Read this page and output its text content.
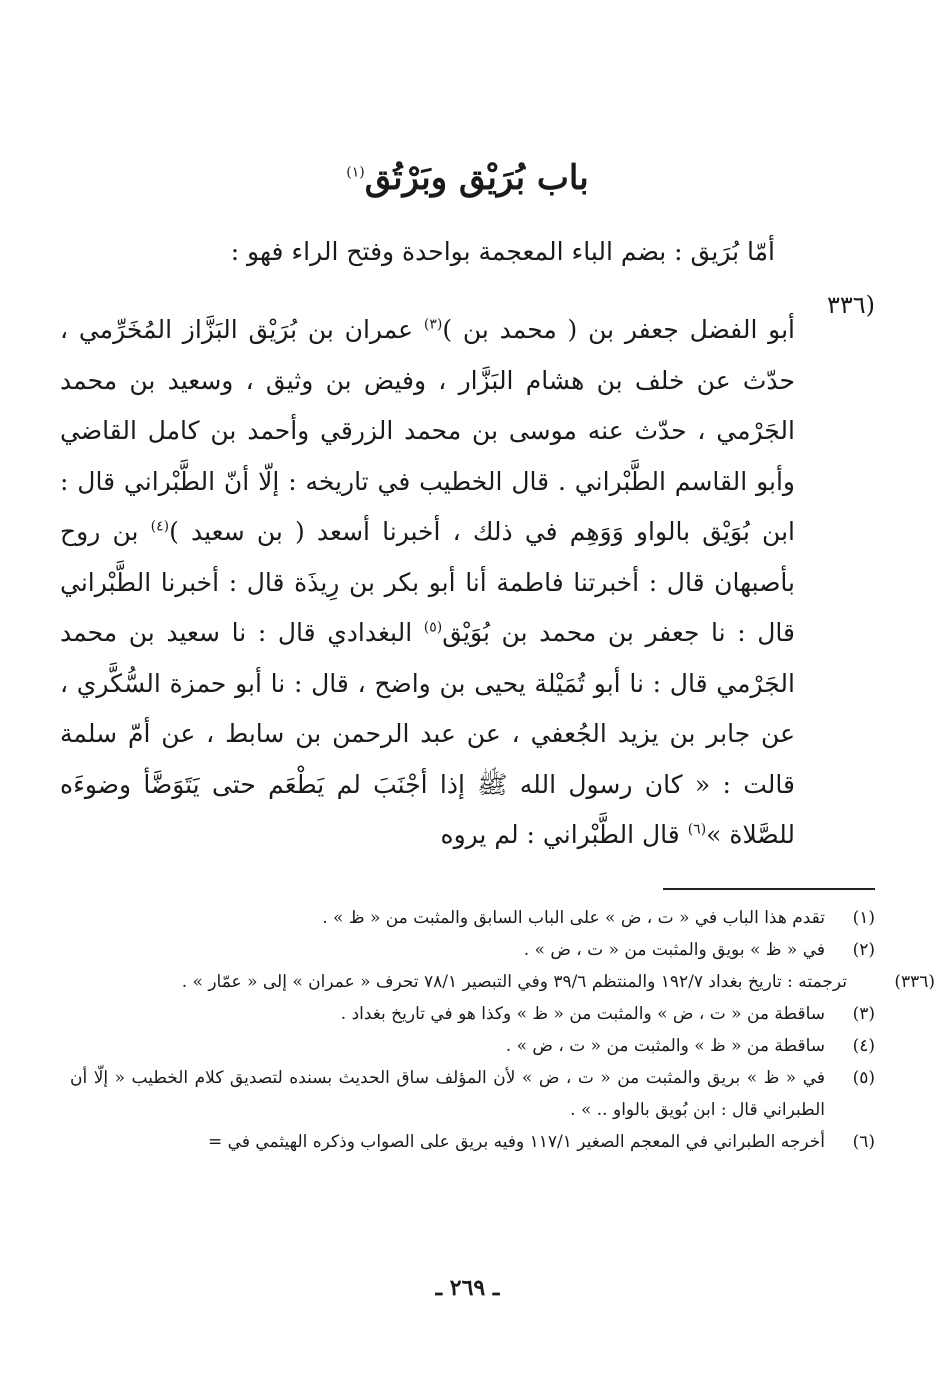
باب بُرَيْق وبَرْتُق$^{(١)}$

أمّا بُرَيق : بضم الباء المعجمة بواحدة وفتح الراء فهو :

(٣٣٦

أبو الفضل جعفر بن ( محمد بن )$^{(٣)}$ عمران بن بُرَيْق البَزَّاز المُخَرِّمي ، حدّث عن خلف بن هشام البَزَّار ، وفيض بن وثيق ، وسعيد بن محمد الجَرْمي ، حدّث عنه موسى بن محمد الزرقي وأحمد بن كامل القاضي وأبو القاسم الطَّبْراني . قال الخطيب في تاريخه : إلّا أنّ الطَّبْراني قال : ابن بُوَيْق بالواو وَوَهِم في ذلك ، أخبرنا أسعد ( بن سعيد )$^{(٤)}$ بن روح بأصبهان قال : أخبرتنا فاطمة أنا أبو بكر بن رِيذَة قال : أخبرنا الطَّبْراني قال : نا جعفر بن محمد بن بُوَيْق$^{(٥)}$ البغدادي قال : نا سعيد بن محمد الجَرْمي قال : نا أبو تُمَيْلة يحيى بن واضح ، قال : نا أبو حمزة السُّكَّري ، عن جابر بن يزيد الجُعفي ، عن عبد الرحمن بن سابط ، عن أمّ سلمة قالت : « كان رسول الله ﷺ إذا أجْنَبَ لم يَطْعَم حتى يَتَوَضَّأ وضوءَه للصَّلاة »$^{(٦)}$ قال الطَّبْراني : لم يروه

(١)
تقدم هذا الباب في « ت ، ض » على الباب السابق والمثبت من « ظ » .
(٢)
في « ظ » بويق والمثبت من « ت ، ض » .
(٣٣٦)
ترجمته : تاريخ بغداد ١٩٢/٧ والمنتظم ٣٩/٦ وفي التبصير ٧٨/١ تحرف « عمران » إلى « عمّار » .
(٣)
ساقطة من « ت ، ض » والمثبت من « ظ » وكذا هو في تاريخ بغداد .
(٤)
ساقطة من « ظ » والمثبت من « ت ، ض » .
(٥)
في « ظ » بريق والمثبت من « ت ، ض » لأن المؤلف ساق الحديث بسنده لتصديق كلام الخطيب « إلّا أن الطبراني قال : ابن بُويق بالواو .. » .
(٦)
أخرجه الطبراني في المعجم الصغير ١١٧/١ وفيه بريق على الصواب وذكره الهيثمي في =
ـ ٢٦٩ ـ
